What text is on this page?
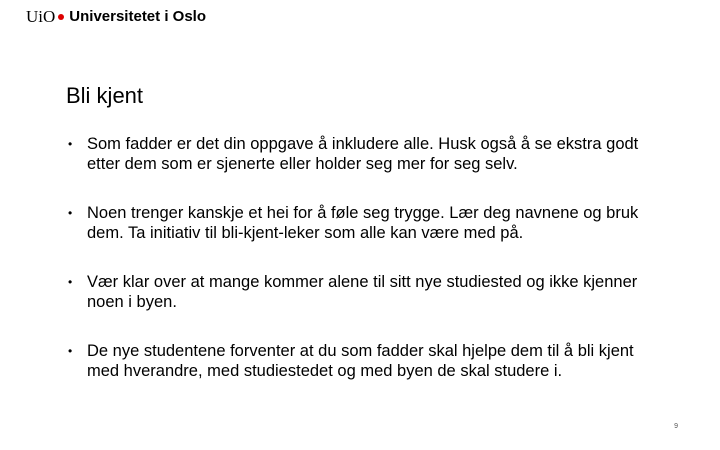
UiO Universitetet i Oslo
Bli kjent
• Som fadder er det din oppgave å inkludere alle. Husk også å se ekstra godt etter dem som er sjenerte eller holder seg mer for seg selv.
• Noen trenger kanskje et hei for å føle seg trygge. Lær deg navnene og bruk dem. Ta initiativ til bli-kjent-leker som alle kan være med på.
• Vær klar over at mange kommer alene til sitt nye studiested og ikke kjenner noen i byen.
• De nye studentene forventer at du som fadder skal hjelpe dem til å bli kjent med hverandre, med studiestedet og med byen de skal studere i.
9
